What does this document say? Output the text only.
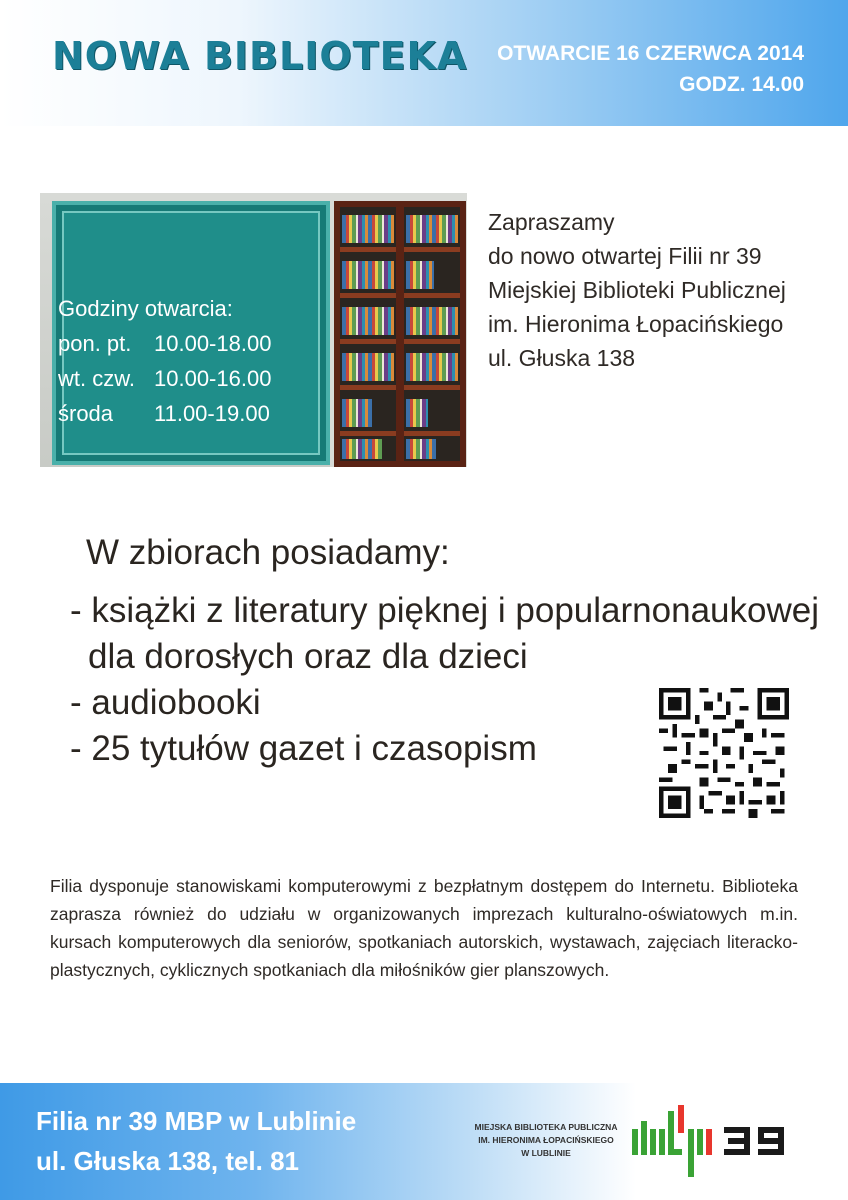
NOWA BIBLIOTEKA OTWARCIE 16 CZERWCA 2014
GODZ. 14.00
Godziny otwarcia:
pon. pt.	10.00-18.00
wt. czw. 10.00-16.00
środa	11.00-19.00
Zapraszamy
do nowo otwartej Filii nr 39
Miejskiej Biblioteki Publicznej
im. Hieronima Łopacińskiego
ul. Głuska 138
W zbiorach posiadamy:
- książki z literatury pięknej i popularnonaukowej
dla dorosłych oraz dla dzieci
- audiobooki
- 25 tytułów gazet i czasopism
Filia dysponuje stanowiskami komputerowymi z bezpłatnym dostępem do Internetu. Biblioteka zaprasza również do udziału w organizowanych imprezach kulturalno-oświatowych m.in. kursach komputerowych dla seniorów, spotkaniach autorskich, wystawach, zajęciach literacko-plastycznych, cyklicznych spotkaniach dla miłośników gier planszowych.
Filia nr 39 MBP w Lublinie
ul. Głuska 138, tel. 81
MIEJSKA BIBLIOTEKA PUBLICZNA
IM. HIERONIMA ŁOPACIŃSKIEGO
W LUBLINIE
